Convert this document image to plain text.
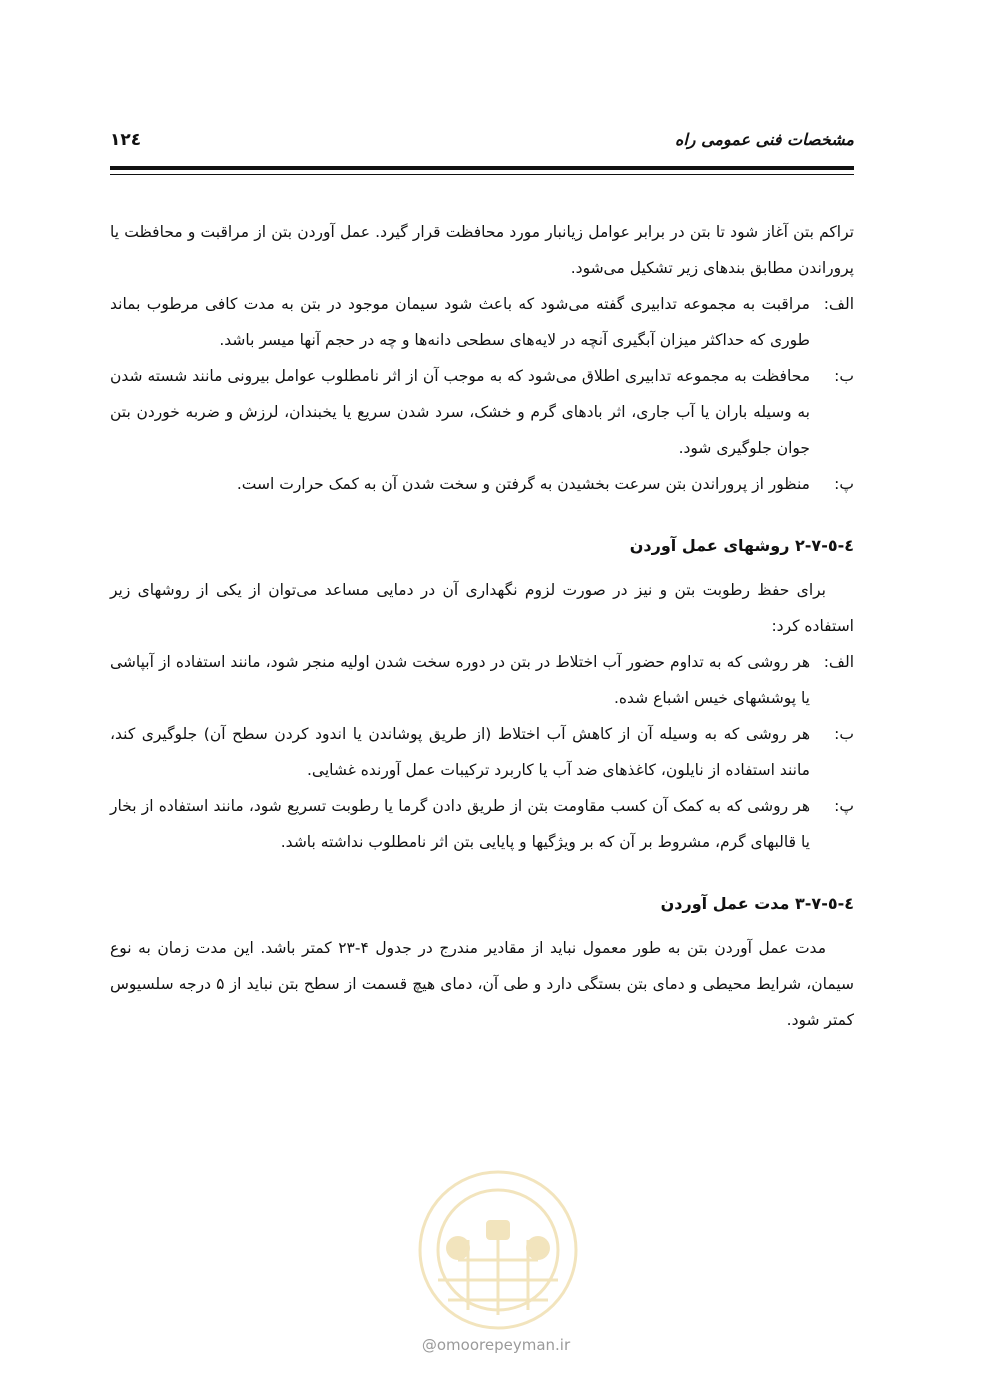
مشخصات فنی عمومی راه
۱۲٤

تراکم بتن آغاز شود تا بتن در برابر عوامل زیانبار مورد محافظت قرار گیرد. عمل آوردن بتن از مراقبت و محافظت یا پروراندن مطابق بندهای زیر تشکیل می‌شود.

الف:
مراقبت به مجموعه تدابیری گفته می‌شود که باعث شود سیمان موجود در بتن به مدت کافی مرطوب بماند طوری که حداکثر میزان آبگیری آنچه در لایه‌های سطحی دانه‌ها و چه در حجم آنها میسر باشد.
ب:
محافظت به مجموعه تدابیری اطلاق می‌شود که به موجب آن از اثر نامطلوب عوامل بیرونی مانند شسته شدن به وسیله باران یا آب جاری، اثر بادهای گرم و خشک، سرد شدن سریع یا یخبندان، لرزش و ضربه خوردن بتن جوان جلوگیری شود.
پ:
منظور از پروراندن بتن سرعت بخشیدن به گرفتن و سخت شدن آن به کمک حرارت است.
٤-٥-٧-٢ روشهای عمل آوردن

برای حفظ رطوبت بتن و نیز در صورت لزوم نگهداری آن در دمایی مساعد می‌توان از یکی از روشهای زیر استفاده کرد:

الف:
هر روشی که به تداوم حضور آب اختلاط در بتن در دوره سخت شدن اولیه منجر شود، مانند استفاده از آبپاشی یا پوششهای خیس اشباع شده.
ب:
هر روشی که به وسیله آن از کاهش آب اختلاط (از طریق پوشاندن یا اندود کردن سطح آن) جلوگیری کند، مانند استفاده از نایلون، کاغذهای ضد آب یا کاربرد ترکیبات عمل آورنده غشایی.
پ:
هر روشی که به کمک آن کسب مقاومت بتن از طریق دادن گرما یا رطوبت تسریع شود، مانند استفاده از بخار یا قالبهای گرم، مشروط بر آن که بر ویژگیها و پایایی بتن اثر نامطلوب نداشته باشد.
٤-٥-٧-٣ مدت عمل آوردن

مدت عمل آوردن بتن به طور معمول نباید از مقادیر مندرج در جدول ۴-۲۳ کمتر باشد. این مدت زمان به نوع سیمان، شرایط محیطی و دمای بتن بستگی دارد و طی آن، دمای هیچ قسمت از سطح بتن نباید از ۵ درجه سلسیوس کمتر شود.

@omoorepeyman.ir
